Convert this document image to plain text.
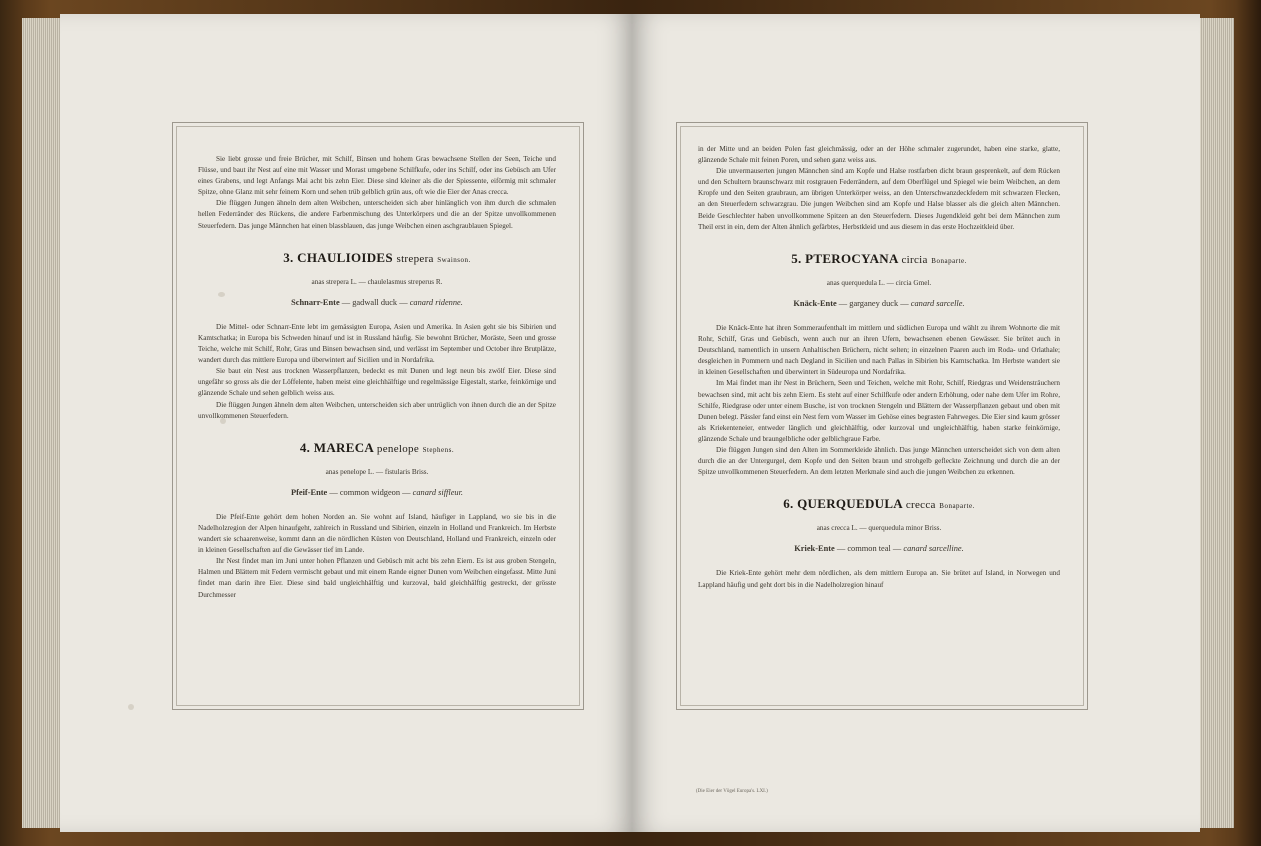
Sie liebt grosse und freie Brücher, mit Schilf, Binsen und hohem Gras bewachsene Stellen der Seen, Teiche und Flüsse, und baut ihr Nest auf eine mit Wasser und Morast umgebene Schilfkufe, oder ins Schilf, oder ins Gebüsch am Ufer eines Grabens, und legt Anfangs Mai acht bis zehn Eier. Diese sind kleiner als die der Spiessente, eiförmig mit schmaler Spitze, ohne Glanz mit sehr feinem Korn und sehen trüb gelblich grün aus, oft wie die Eier der Anas crecca.

Die flüggen Jungen ähneln dem alten Weibchen, unterscheiden sich aber hinlänglich von ihm durch die schmalen hellen Federränder des Rückens, die andere Farbenmischung des Unterkörpers und die an der Spitze unvollkommenen Steuerfedern. Das junge Männchen hat einen blassblauen, das junge Weibchen einen aschgraublauen Spiegel.

3. CHAULIOIDES strepera Swainson.
anas strepera L. — chaulelasmus streperus R.
Schnarr-Ente — gadwall duck — canard ridenne.

Die Mittel- oder Schnarr-Ente lebt im gemässigten Europa, Asien und Amerika. In Asien geht sie bis Sibirien und Kamtschatka; in Europa bis Schweden hinauf und ist in Russland häufig. Sie bewohnt Brücher, Moräste, Seen und grosse Teiche, welche mit Schilf, Rohr, Gras und Binsen bewachsen sind, und verlässt im September und October ihre Brutplätze, wandert durch das mittlere Europa und überwintert auf Sicilien und in Nordafrika.

Sie baut ein Nest aus trocknen Wasserpflanzen, bedeckt es mit Dunen und legt neun bis zwölf Eier. Diese sind ungefähr so gross als die der Löffelente, haben meist eine gleichhälftige und regelmässige Eigestalt, starke, feinkörnige und glänzende Schale und sehen gelblich weiss aus.

Die flüggen Jungen ähneln dem alten Weibchen, unterscheiden sich aber untrüglich von ihnen durch die an der Spitze unvollkommenen Steuerfedern.

4. MARECA penelope Stephens.
anas penelope L. — fistularis Briss.
Pfeif-Ente — common widgeon — canard siffleur.

Die Pfeif-Ente gehört dem hohen Norden an. Sie wohnt auf Island, häufiger in Lappland, wo sie bis in die Nadelholzregion der Alpen hinaufgeht, zahlreich in Russland und Sibirien, einzeln in Holland und Frankreich. Im Herbste wandert sie schaarenweise, kommt dann an die nördlichen Küsten von Deutschland, Holland und Frankreich, einzeln oder in kleinen Gesellschaften auf die Gewässer tief im Lande.

Ihr Nest findet man im Juni unter hohen Pflanzen und Gebüsch mit acht bis zehn Eiern. Es ist aus groben Stengeln, Halmen und Blättern mit Federn vermischt gebaut und mit einem Rande eigner Dunen vom Weibchen eingefasst. Mitte Juni findet man darin ihre Eier. Diese sind bald ungleichhälftig und kurzoval, bald gleichhälftig gestreckt, der grösste Durchmesser

in der Mitte und an beiden Polen fast gleichmässig, oder an der Höhe schmaler zugerundet, haben eine starke, glatte, glänzende Schale mit feinen Poren, und sehen ganz weiss aus.

Die unvermauserten jungen Männchen sind am Kopfe und Halse rostfarben dicht braun gesprenkelt, auf dem Rücken und den Schultern braunschwarz mit rostgrauen Federrändern, auf dem Oberflügel und Spiegel wie beim Weibchen, an dem Kropfe und den Seiten graubraun, am übrigen Unterkörper weiss, an den Unterschwanzdeckfedern mit schwarzen Flecken, an den Steuerfedern schwarzgrau. Die jungen Weibchen sind am Kopfe und Halse blasser als die gleich alten Männchen. Beide Geschlechter haben unvollkommene Spitzen an den Steuerfedern. Dieses Jugendkleid geht bei dem Männchen zum Theil erst in ein, dem der Alten ähnlich gefärbtes, Herbstkleid und aus diesem in das erste Hochzeitkleid über.

5. PTEROCYANA circia Bonaparte.
anas querquedula L. — circia Gmel.
Knäck-Ente — garganey duck — canard sarcelle.

Die Knäck-Ente hat ihren Sommeraufenthalt im mittlern und südlichen Europa und wählt zu ihrem Wohnorte die mit Rohr, Schilf, Gras und Gebüsch, wenn auch nur an ihren Ufern, bewachsenen ebenen Gewässer. Sie brütet auch in Deutschland, namentlich in unsern Anhaltischen Brüchern, nicht selten; in einzelnen Paaren auch im Roda- und Orlathale; desgleichen in Pommern und nach Degland in Sicilien und nach Pallas in Sibirien bis Kamtschatka. Im Herbste wandert sie in kleinen Gesellschaften und überwintert in Südeuropa und Nordafrika.

Im Mai findet man ihr Nest in Brüchern, Seen und Teichen, welche mit Rohr, Schilf, Riedgras und Weidensträuchern bewachsen sind, mit acht bis zehn Eiern. Es steht auf einer Schilfkufe oder andern Erhöhung, oder nahe dem Ufer im Rohre, Schilfe, Riedgrase oder unter einem Busche, ist von trocknen Stengeln und Blättern der Wasserpflanzen gebaut und oben mit Dunen belegt. Pässler fand einst ein Nest fern vom Wasser im Gehöse eines begrasten Fahrweges. Die Eier sind kaum grösser als Kriekenteneier, entweder länglich und gleichhälftig, oder kurzoval und ungleichhälftig, haben starke feinkörnige, glänzende Schale und braungelbliche oder gelblichgraue Farbe.

Die flüggen Jungen sind den Alten im Sommerkleide ähnlich. Das junge Männchen unterscheidet sich von dem alten durch die an der Untergurgel, dem Kopfe und den Seiten braun und strohgelb gefleckte Zeichnung und durch die an der Spitze unvollkommenen Steuerfedern. An dem letzten Merkmale sind auch die jungen Weibchen zu erkennen.

6. QUERQUEDULA crecca Bonaparte.
anas crecca L. — querquedula minor Briss.
Kriek-Ente — common teal — canard sarcelline.

Die Kriek-Ente gehört mehr dem nördlichen, als dem mittlern Europa an. Sie brütet auf Island, in Norwegen und Lappland häufig und geht dort bis in die Nadelholzregion hinauf

(Die Eier der Vögel Europa's. LXI.)
